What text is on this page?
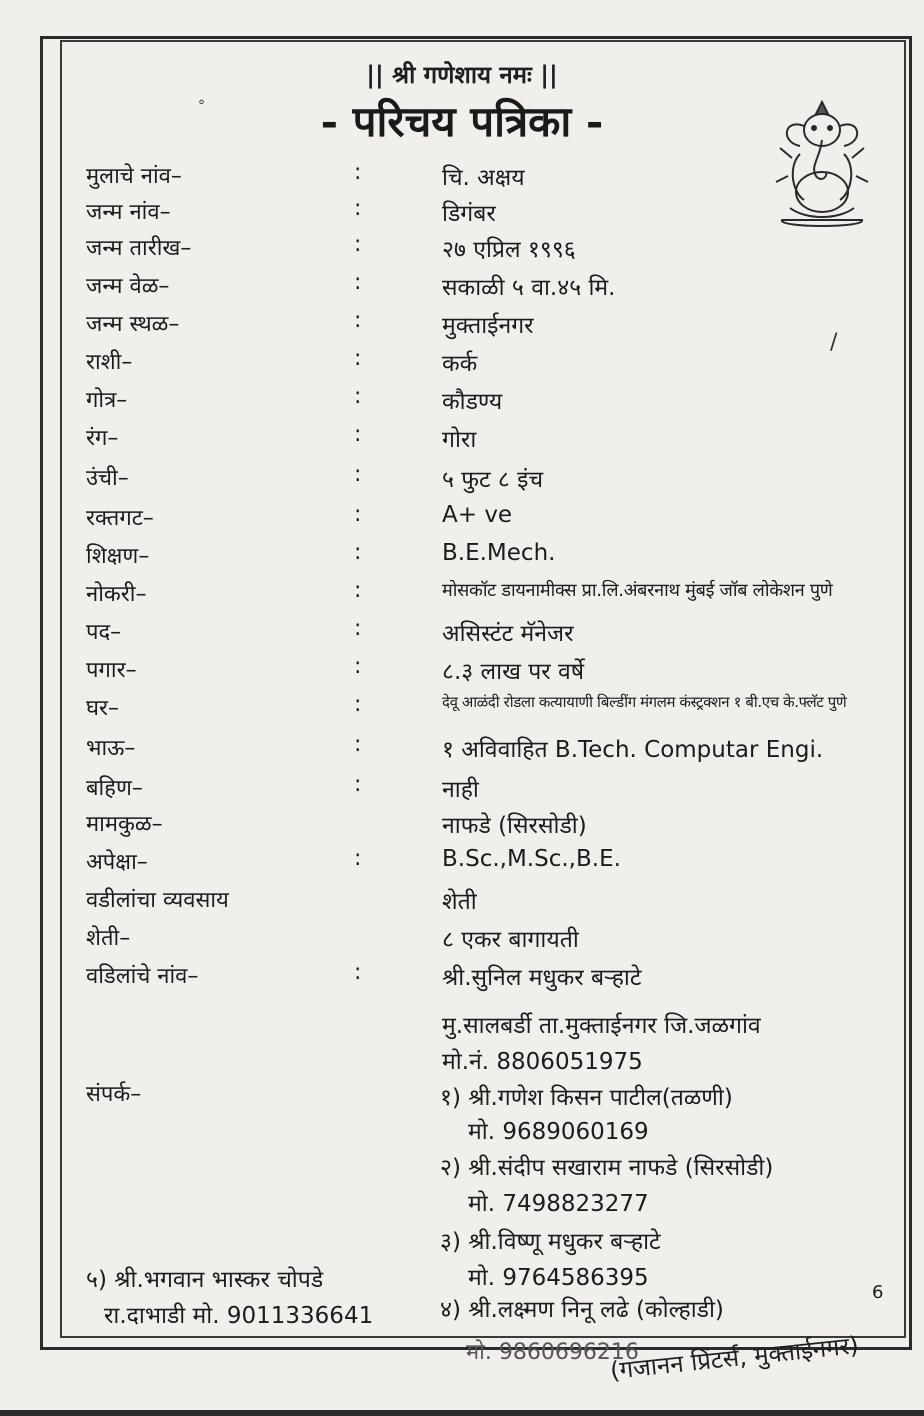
|| श्री गणेशाय नमः ||
- परिचय पत्रिका -
°
/
मुलाचे नांव–	:	चि. अक्षय
जन्म नांव–	:	डिगंबर
जन्म तारीख–	:	२७ एप्रिल १९९६
जन्म वेळ–	:	सकाळी ५ वा.४५ मि.
जन्म स्थळ–	:	मुक्ताईनगर
राशी–	:	कर्क
गोत्र–	:	कौडण्य
रंग–	:	गोरा
उंची–	:	५ फुट ८ इंच
रक्तगट–	:	A+ ve
शिक्षण–	:	B.E.Mech.
नोकरी–	:	मोसकॉट डायनामीक्स प्रा.लि.अंबरनाथ मुंबई जॉब लोकेशन पुणे
पद–	:	असिस्टंट मॅनेजर
पगार–	:	८.३ लाख पर वर्षे
घर–	:	देवू आळंदी रोडला कत्यायाणी बिल्डींग मंगलम कंस्ट्रक्शन १ बी.एच के.फ्लॅट पुणे
भाऊ–	:	१ अविवाहित B.Tech. Computar Engi.
बहिण–	:	नाही
मामकुळ–	नाफडे (सिरसोडी)
अपेक्षा–	:	B.Sc.,M.Sc.,B.E.
वडीलांचा व्यवसाय	शेती
शेती–	८ एकर बागायती
वडिलांचे नांव–	:	श्री.सुनिल मधुकर बऱ्हाटे
मु.सालबर्डी ता.मुक्ताईनगर जि.जळगांव
मो.नं. 8806051975
संपर्क–	१) श्री.गणेश किसन पाटील(तळणी)
मो. 9689060169
२) श्री.संदीप सखाराम नाफडे (सिरसोडी)
मो. 7498823277
३) श्री.विष्णू मधुकर बऱ्हाटे
मो. 9764586395
४) श्री.लक्ष्मण निनू लढे (कोल्हाडी)
मो. 9860696216
५) श्री.भगवान भास्कर चोपडे
रा.दाभाडी मो. 9011336641
6
(गजानन प्रिंटर्स, मुक्ताईनगर)
